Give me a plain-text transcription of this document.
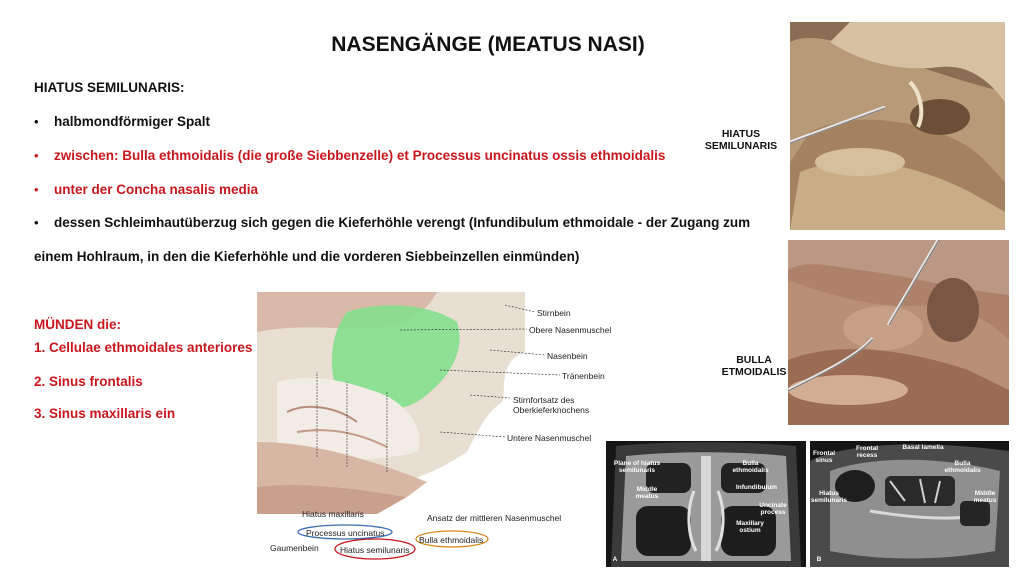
NASENGÄNGE (MEATUS NASI)
HIATUS SEMILUNARIS:
• halbmondförmiger Spalt
• zwischen: Bulla ethmoidalis (die große Siebbenzelle) et Processus uncinatus ossis ethmoidalis
• unter der Concha nasalis media
• dessen Schleimhautüberzug sich gegen die Kieferhöhle verengt (Infundibulum ethmoidale - der Zugang zum
einem Hohlraum, in den die Kieferhöhle und die vorderen Siebbeinzellen einmünden)
MÜNDEN die:
1. Cellulae ethmoidales anteriores
2. Sinus frontalis
3. Sinus maxillaris ein
HIATUS
SEMILUNARIS
BULLA
ETMOIDALIS
Stirnbein
Obere Nasenmuschel
Nasenbein
Tränenbein
Stirnfortsatz des
Oberkieferknochens
Untere Nasenmuschel
Hiatus maxillaris	Ansatz der mittleren Nasenmuschel
Processus uncinatus
Bulla ethmoidalis
Gaumenbein	Hiatus semilunaris
Plane of hiatus
semilunaris
Bulla
ethmoidalis
Middle
meatus
Infundibulum
Uncinate
process
Maxillary
ostium
A
Frontal
sinus
Frontal
recess
Basal lamella
Bulla
ethmoidalis
Hiatus
semilunaris
Middle
meatus
B
